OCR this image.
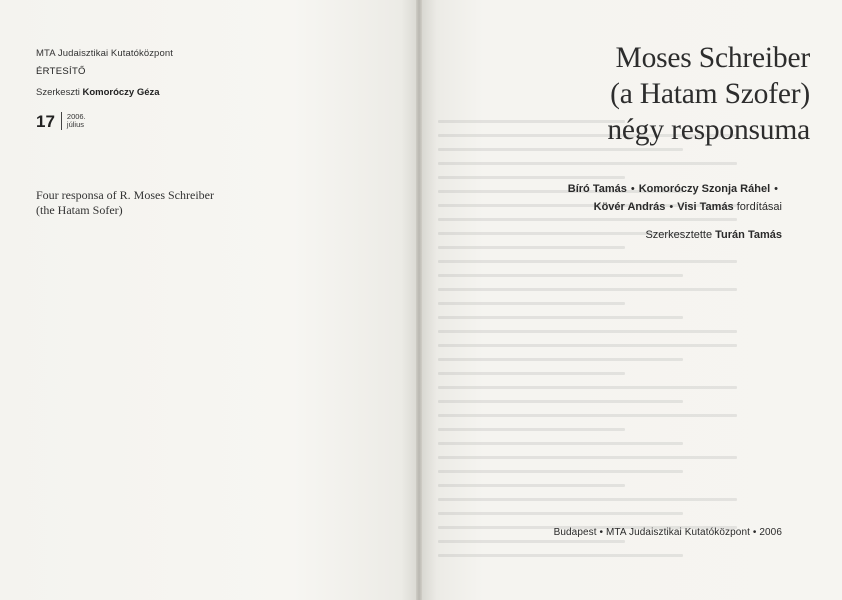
MTA Judaisztikai Kutatóközpont
ÉRTESÍTŐ
Szerkeszti Komoróczy Géza
17 2006.
július
Four responsa of R. Moses Schreiber
(the Hatam Sofer)
Moses Schreiber
(a Hatam Szofer)
négy responsuma
Bíró Tamás • Komoróczy Szonja Ráhel •
Kövér András • Visi Tamás fordításai
Szerkesztette Turán Tamás
Budapest • MTA Judaisztikai Kutatóközpont • 2006
